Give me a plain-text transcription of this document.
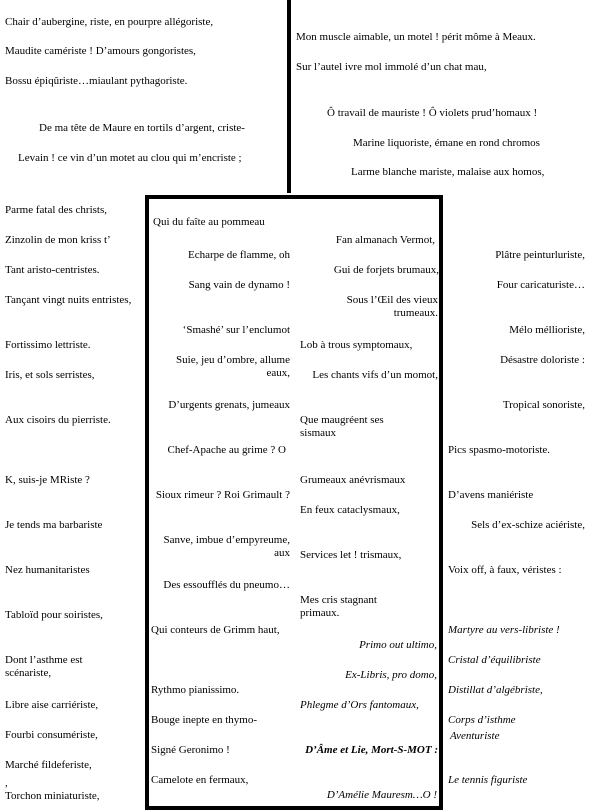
Chair d’aubergine, riste, en pourpre allégoriste,
Maudite caméristе ! D’amours gongoristes,
Bossu épiqûriste…miaulant pythagoriste.
De ma tête de Maure en tortils d’argent, criste-
Levain ! ce vin d’un motet au clou qui m’encriste ;
Mon muscle aimable, un motel ! périt môme à Meaux.
Sur l’autel ivre mol immolé d’un chat mau,
Ô travail de mauriste ! Ô violets prud’homaux !
Marine liquoriste, émane en rond chromos
Larme blanche mariste, malaise aux homos,
Parme fatal des christs,
Zinzolin de mon kriss t’
Tant aristo-centristes.
Tançant vingt nuits entristes,
Fortissimo lettriste.
Iris, et sols serristes,
Aux cisoirs du pierriste.
K, suis-je MRiste ?
Je tends ma barbariste
Nez humanitaristes
Tabloïd pour soiristes,
Dont l’asthme est scénariste,
Libre aise carriériste,
Fourbi consumériste,
Marché fildeferiste,
,
Torchon miniaturiste,
Qui du faîte au pommeau
Echarpe de flamme, oh
Sang vain de dynamo !
‘Smashé’ sur l’enclumot
Suie, jeu d’ombre, allume eaux,
D’urgents grenats, jumeaux
Chef-Apache au grime ? O
Sioux rimeur ? Roi Grimault ?
Sanve, imbue d’empyreume, aux
Des essoufflés du pneumo…
Qui conteurs de Grimm haut,
Rythmo pianissimo.
Bouge inepte en thymo-
Signé Geronimo !
Camelote en fermaux,
Fan almanach Vermot,
Gui de forjets brumaux,
Sous l’Œil des vieux trumeaux.
Lob à trous symptomaux,
Les chants vifs d’un momot,
Que maugréent ses sismaux
Grumeaux anévrismaux
En feux cataclysmaux,
Services let ! trismaux,
Mes cris stagnant primaux.
Primo out ultimo,
Ex-Libris, pro domo,
Phlegme d’Ors fantomaux,
D’Âme et Lie, Mort-S-MOT :
D’Amélie Mauresm…O !
Plâtre peinturluriste,
Four caricaturiste…
Mélo méllioriste,
Désastre doloriste :
Tropical sonoriste,
Pics spasmo-motoriste.
D’avens maniériste
Sels d’ex-schize aciériste,
Voix off, à faux, véristes :
Martyre au vers-libriste !
Cristal d’équilibriste
Distillat d’algébriste,
Corps d’isthme
Aventuriste
Le tennis figuriste
